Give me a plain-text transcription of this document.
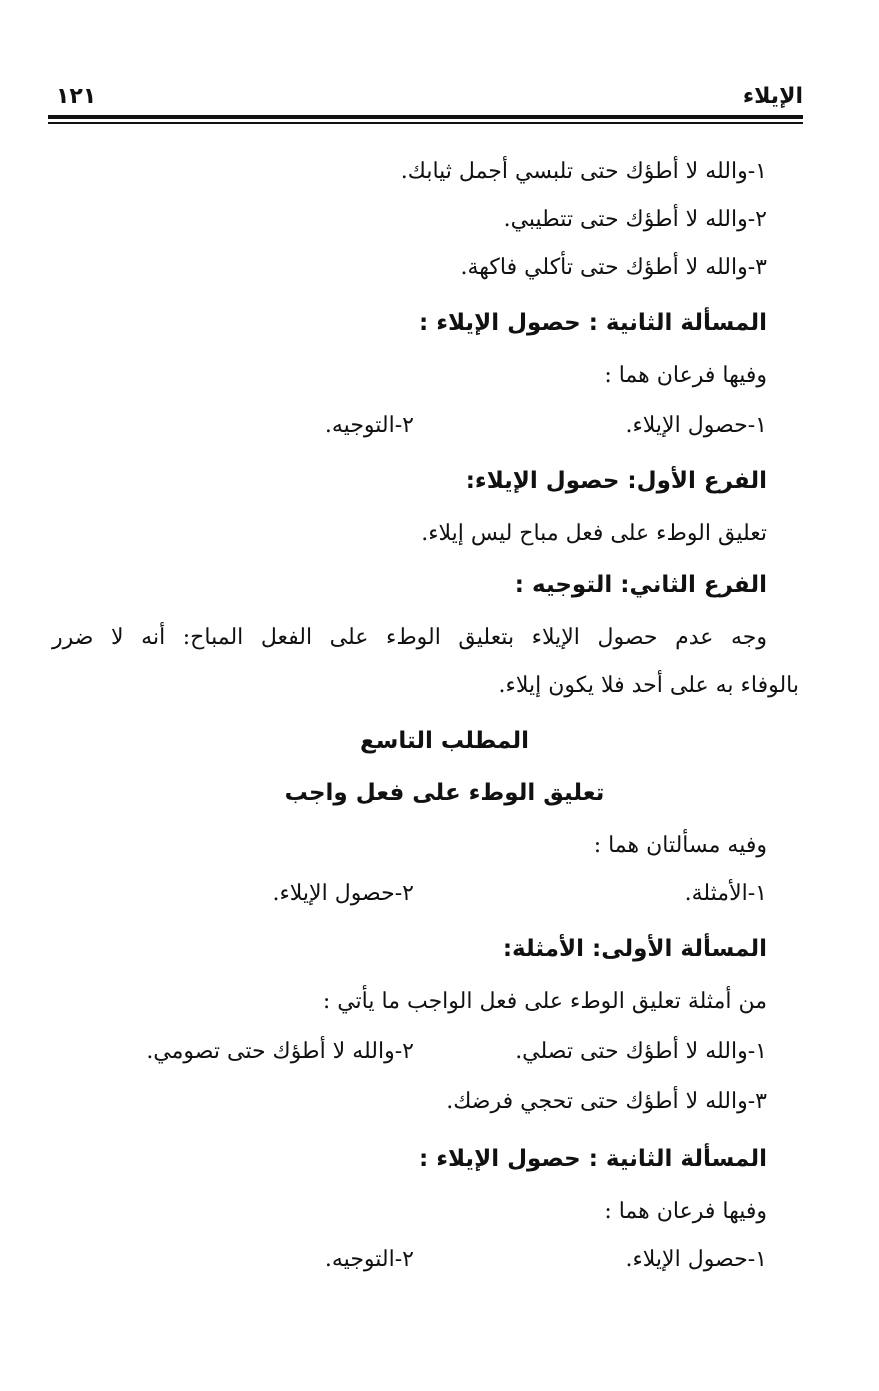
الإيلاء
١٢١
١-والله لا أطؤك حتى تلبسي أجمل ثيابك.
٢-والله لا أطؤك حتى تتطيبي.
٣-والله لا أطؤك حتى تأكلي فاكهة.
المسألة الثانية : حصول الإيلاء :
وفيها فرعان هما :
١-حصول الإيلاء.
٢-التوجيه.
الفرع الأول: حصول الإيلاء:
تعليق الوطء على فعل مباح ليس إيلاء.
الفرع الثاني: التوجيه :
وجه عدم حصول الإيلاء بتعليق الوطء على الفعل المباح: أنه لا ضرر
بالوفاء به على أحد فلا يكون إيلاء.
المطلب التاسع
تعليق الوطء على فعل واجب
وفيه مسألتان هما :
١-الأمثلة.
٢-حصول الإيلاء.
المسألة الأولى: الأمثلة:
من أمثلة تعليق الوطء على فعل الواجب ما يأتي :
١-والله لا أطؤك حتى تصلي.
٢-والله لا أطؤك حتى تصومي.
٣-والله لا أطؤك حتى تحجي فرضك.
المسألة الثانية : حصول الإيلاء :
وفيها فرعان هما :
١-حصول الإيلاء.
٢-التوجيه.
